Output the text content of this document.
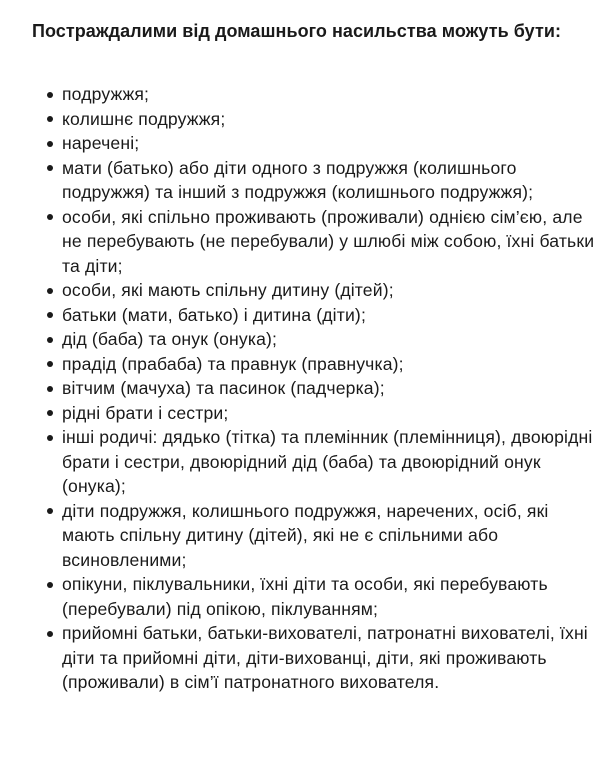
Постраждалими від домашнього насильства можуть бути:
подружжя;
колишнє подружжя;
наречені;
мати (батько) або діти одного з подружжя (колишнього подружжя) та інший з подружжя (колишнього подружжя);
особи, які спільно проживають (проживали) однією сім’єю, але не перебувають (не перебували) у шлюбі між собою, їхні батьки та діти;
особи, які мають спільну дитину (дітей);
батьки (мати, батько) і дитина (діти);
дід (баба) та онук (онука);
прадід (прабаба) та правнук (правнучка);
вітчим (мачуха) та пасинок (падчерка);
рідні брати і сестри;
інші родичі: дядько (тітка) та племінник (племінниця), двоюрідні брати і сестри, двоюрідний дід (баба) та двоюрідний онук (онука);
діти подружжя, колишнього подружжя, наречених, осіб, які мають спільну дитину (дітей), які не є спільними або всиновленими;
опікуни, піклувальники, їхні діти та особи, які перебувають (перебували) під опікою, піклуванням;
прийомні батьки, батьки-вихователі, патронатні вихователі, їхні діти та прийомні діти, діти-вихованці, діти, які проживають (проживали) в сім’ї патронатного вихователя.
